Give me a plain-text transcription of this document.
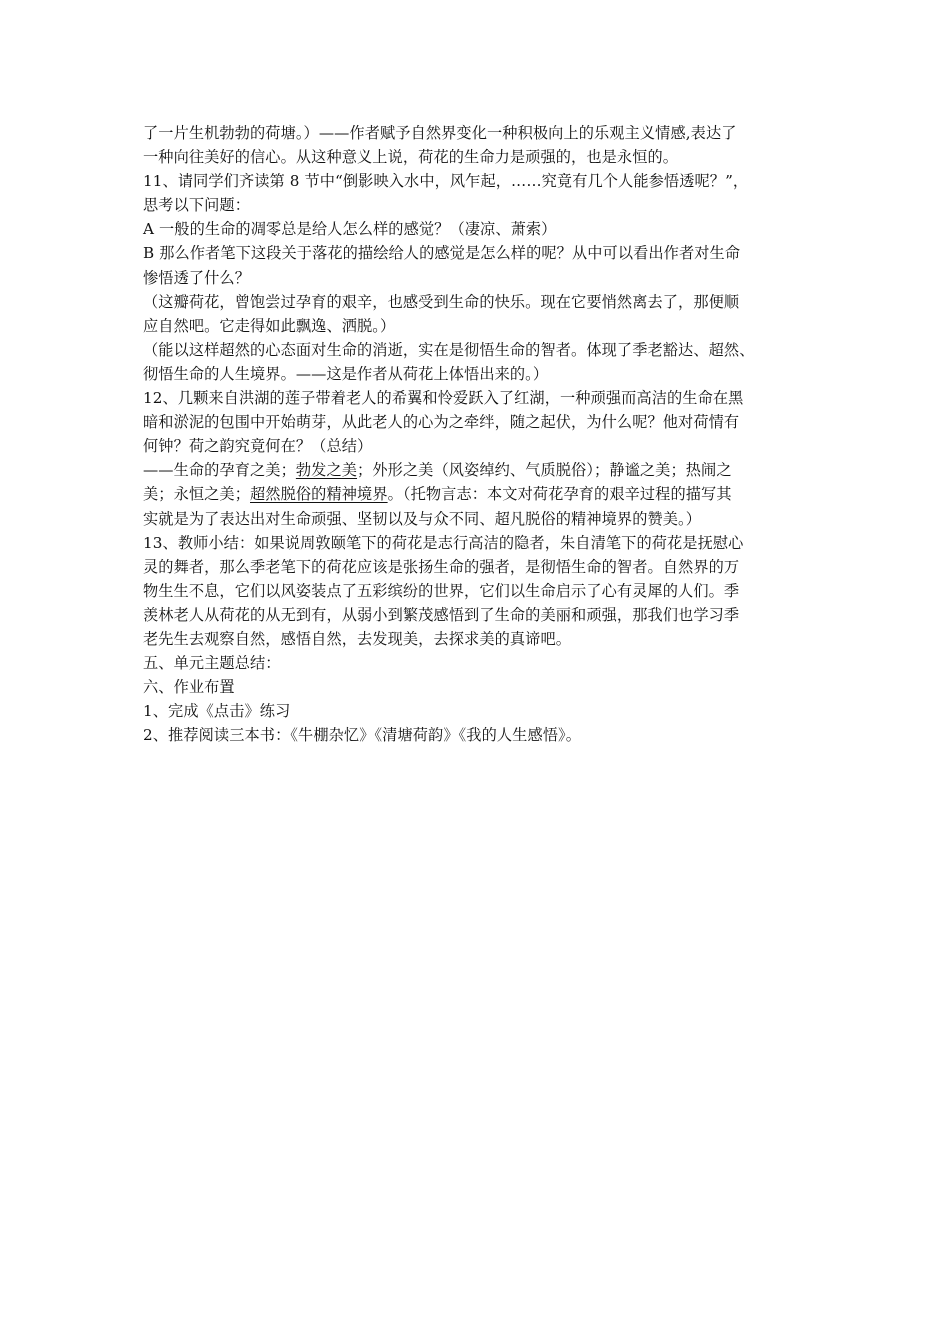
了一片生机勃勃的荷塘。）——作者赋予自然界变化一种积极向上的乐观主义情感,表达了
一种向往美好的信心。从这种意义上说，荷花的生命力是顽强的，也是永恒的。
11、请同学们齐读第 8 节中“倒影映入水中，风乍起，……究竟有几个人能参悟透呢？”，
思考以下问题：
A 一般的生命的凋零总是给人怎么样的感觉？（凄凉、萧索）
B 那么作者笔下这段关于落花的描绘给人的感觉是怎么样的呢？从中可以看出作者对生命
惨悟透了什么？
（这瓣荷花，曾饱尝过孕育的艰辛，也感受到生命的快乐。现在它要悄然离去了，那便顺
应自然吧。它走得如此飘逸、洒脱。）
（能以这样超然的心态面对生命的消逝，实在是彻悟生命的智者。体现了季老豁达、超然、
彻悟生命的人生境界。——这是作者从荷花上体悟出来的。）
12、几颗来自洪湖的莲子带着老人的希翼和怜爱跃入了红湖，一种顽强而高洁的生命在黑
暗和淤泥的包围中开始萌芽，从此老人的心为之牵绊，随之起伏，为什么呢？他对荷情有
何钟？荷之韵究竟何在？（总结）
——生命的孕育之美；勃发之美；外形之美（风姿绰约、气质脱俗）；静谧之美；热闹之
美；永恒之美；超然脱俗的精神境界。（托物言志：本文对荷花孕育的艰辛过程的描写其
实就是为了表达出对生命顽强、坚韧以及与众不同、超凡脱俗的精神境界的赞美。）
13、教师小结：如果说周敦颐笔下的荷花是志行高洁的隐者，朱自清笔下的荷花是抚慰心
灵的舞者，那么季老笔下的荷花应该是张扬生命的强者，是彻悟生命的智者。自然界的万
物生生不息，它们以风姿装点了五彩缤纷的世界，它们以生命启示了心有灵犀的人们。季
羡林老人从荷花的从无到有，从弱小到繁茂感悟到了生命的美丽和顽强，那我们也学习季
老先生去观察自然，感悟自然，去发现美，去探求美的真谛吧。
五、单元主题总结：
六、作业布置
1、完成《点击》练习
2、推荐阅读三本书：《牛棚杂忆》《清塘荷韵》《我的人生感悟》。
